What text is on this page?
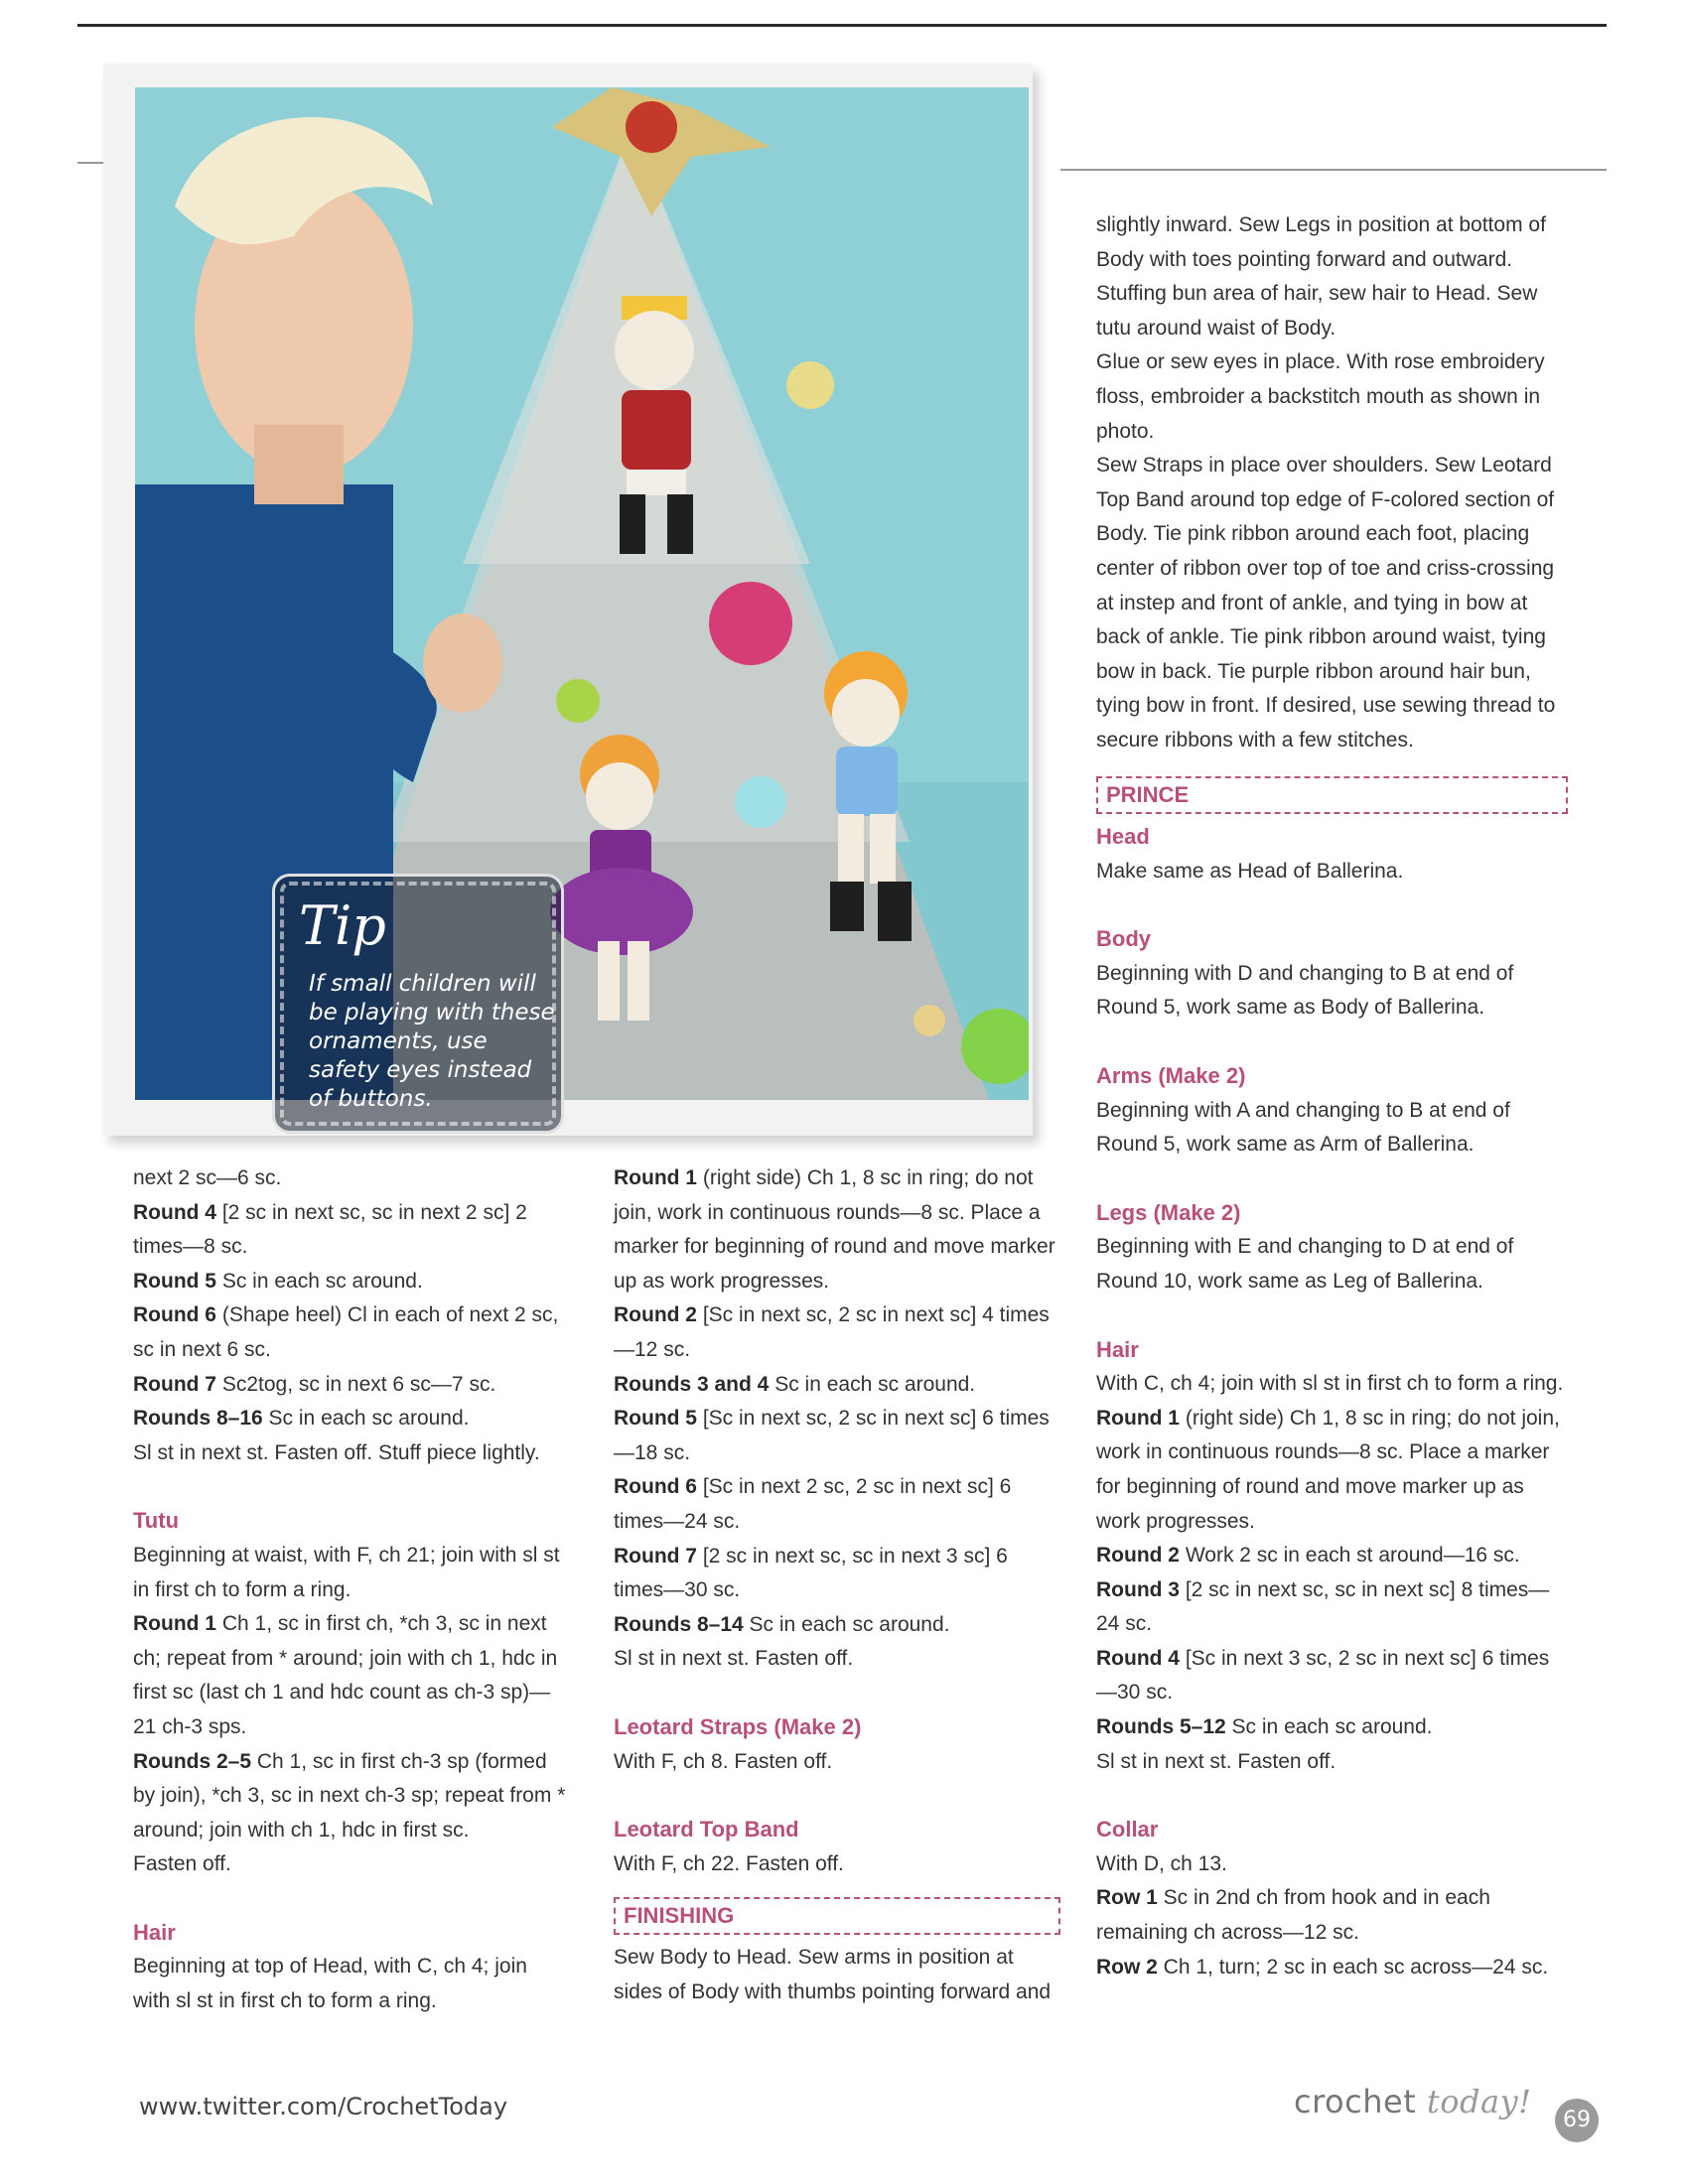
Tip
If small children will be playing with these ornaments, use safety eyes instead of buttons.

next 2 sc—6 sc.

Round 4 [2 sc in next sc, sc in next 2 sc] 2 times—8 sc.

Round 5 Sc in each sc around.

Round 6 (Shape heel) Cl in each of next 2 sc, sc in next 6 sc.

Round 7 Sc2tog, sc in next 6 sc—7 sc.

Rounds 8–16 Sc in each sc around.

Sl st in next st. Fasten off. Stuff piece lightly.

Tutu

Beginning at waist, with F, ch 21; join with sl st in first ch to form a ring.

Round 1 Ch 1, sc in first ch, *ch 3, sc in next ch; repeat from * around; join with ch 1, hdc in first sc (last ch 1 and hdc count as ch-3 sp)—21 ch-3 sps.

Rounds 2–5 Ch 1, sc in first ch-3 sp (formed by join), *ch 3, sc in next ch-3 sp; repeat from * around; join with ch 1, hdc in first sc.

Fasten off.

Hair

Beginning at top of Head, with C, ch 4; join with sl st in first ch to form a ring.

Round 1 (right side) Ch 1, 8 sc in ring; do not join, work in continuous rounds—8 sc. Place a marker for beginning of round and move marker up as work progresses.

Round 2 [Sc in next sc, 2 sc in next sc] 4 times—12 sc.

Rounds 3 and 4 Sc in each sc around.

Round 5 [Sc in next sc, 2 sc in next sc] 6 times—18 sc.

Round 6 [Sc in next 2 sc, 2 sc in next sc] 6 times—24 sc.

Round 7 [2 sc in next sc, sc in next 3 sc] 6 times—30 sc.

Rounds 8–14 Sc in each sc around.

Sl st in next st. Fasten off.

Leotard Straps (Make 2)

With F, ch 8. Fasten off.

Leotard Top Band

With F, ch 22. Fasten off.

FINISHING

Sew Body to Head. Sew arms in position at sides of Body with thumbs pointing forward and

slightly inward. Sew Legs in position at bottom of Body with toes pointing forward and outward. Stuffing bun area of hair, sew hair to Head. Sew tutu around waist of Body.

Glue or sew eyes in place. With rose embroidery floss, embroider a backstitch mouth as shown in photo.

Sew Straps in place over shoulders. Sew Leotard Top Band around top edge of F-colored section of Body. Tie pink ribbon around each foot, placing center of ribbon over top of toe and criss-crossing at instep and front of ankle, and tying in bow at back of ankle. Tie pink ribbon around waist, tying bow in back. Tie purple ribbon around hair bun, tying bow in front. If desired, use sewing thread to secure ribbons with a few stitches.

PRINCE

Head

Make same as Head of Ballerina.

Body

Beginning with D and changing to B at end of Round 5, work same as Body of Ballerina.

Arms (Make 2)

Beginning with A and changing to B at end of Round 5, work same as Arm of Ballerina.

Legs (Make 2)

Beginning with E and changing to D at end of Round 10, work same as Leg of Ballerina.

Hair

With C, ch 4; join with sl st in first ch to form a ring.

Round 1 (right side) Ch 1, 8 sc in ring; do not join, work in continuous rounds—8 sc. Place a marker for beginning of round and move marker up as work progresses.

Round 2 Work 2 sc in each st around—16 sc.

Round 3 [2 sc in next sc, sc in next sc] 8 times—24 sc.

Round 4 [Sc in next 3 sc, 2 sc in next sc] 6 times—30 sc.

Rounds 5–12 Sc in each sc around.

Sl st in next st. Fasten off.

Collar

With D, ch 13.

Row 1 Sc in 2nd ch from hook and in each remaining ch across—12 sc.

Row 2 Ch 1, turn; 2 sc in each sc across—24 sc.

www.twitter.com/CrochetToday	crochet today!	69
